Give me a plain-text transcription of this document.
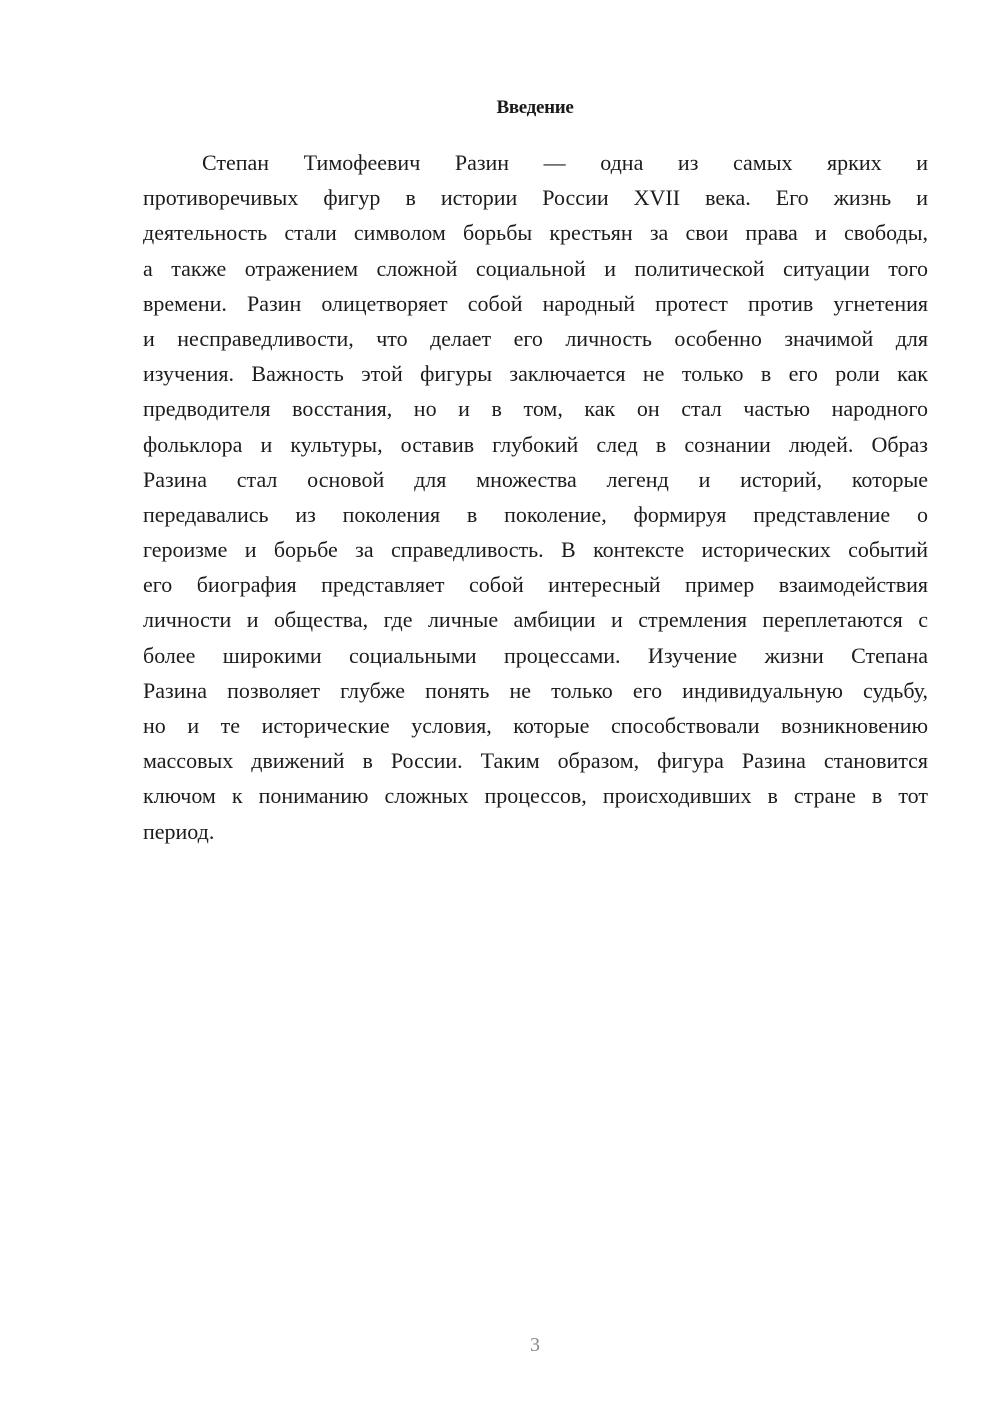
Введение
Степан Тимофеевич Разин — одна из самых ярких и
противоречивых фигур в истории России XVII века. Его жизнь и
деятельность стали символом борьбы крестьян за свои права и свободы,
а также отражением сложной социальной и политической ситуации того
времени. Разин олицетворяет собой народный протест против угнетения
и несправедливости, что делает его личность особенно значимой для
изучения. Важность этой фигуры заключается не только в его роли как
предводителя восстания, но и в том, как он стал частью народного
фольклора и культуры, оставив глубокий след в сознании людей. Образ
Разина стал основой для множества легенд и историй, которые
передавались из поколения в поколение, формируя представление о
героизме и борьбе за справедливость. В контексте исторических событий
его биография представляет собой интересный пример взаимодействия
личности и общества, где личные амбиции и стремления переплетаются с
более широкими социальными процессами. Изучение жизни Степана
Разина позволяет глубже понять не только его индивидуальную судьбу,
но и те исторические условия, которые способствовали возникновению
массовых движений в России. Таким образом, фигура Разина становится
ключом к пониманию сложных процессов, происходивших в стране в тот
период.
3
